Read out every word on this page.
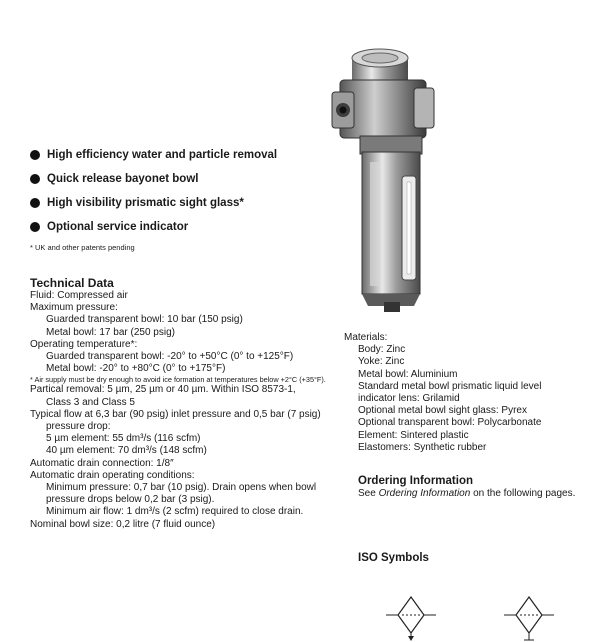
High efficiency water and particle removal
Quick release bayonet bowl
High visibility prismatic sight glass*
Optional service indicator
* UK and other patents pending
Technical Data
Fluid: Compressed air
Maximum pressure:
Guarded transparent bowl: 10 bar (150 psig)
Metal bowl: 17 bar (250 psig)
Operating temperature*:
Guarded transparent bowl: -20° to +50°C (0° to +125°F)
Metal bowl: -20° to +80°C (0° to +175°F)
* Air supply must be dry enough to avoid ice formation at temperatures below +2°C (+35°F).
Partical removal: 5 µm, 25 µm or 40 µm. Within ISO 8573-1,
Class 3 and Class 5
Typical flow at 6,3 bar (90 psig) inlet pressure and 0,5 bar (7 psig)
pressure drop:
5 µm element: 55 dm³/s (116 scfm)
40 µm element: 70 dm³/s (148 scfm)
Automatic drain connection: 1/8″
Automatic drain operating conditions:
Minimum pressure: 0,7 bar (10 psig). Drain opens when bowl
pressure drops below 0,2 bar (3 psig).
Minimum air flow: 1 dm³/s (2 scfm) required to close drain.
Nominal bowl size: 0,2 litre (7 fluid ounce)
Materials:
Body: Zinc
Yoke: Zinc
Metal bowl: Aluminium
Standard metal bowl prismatic liquid level
indicator lens: Grilamid
Optional metal bowl sight glass: Pyrex
Optional transparent bowl: Polycarbonate
Element: Sintered plastic
Elastomers: Synthetic rubber
Ordering Information

See Ordering Information on the following pages.

ISO Symbols
